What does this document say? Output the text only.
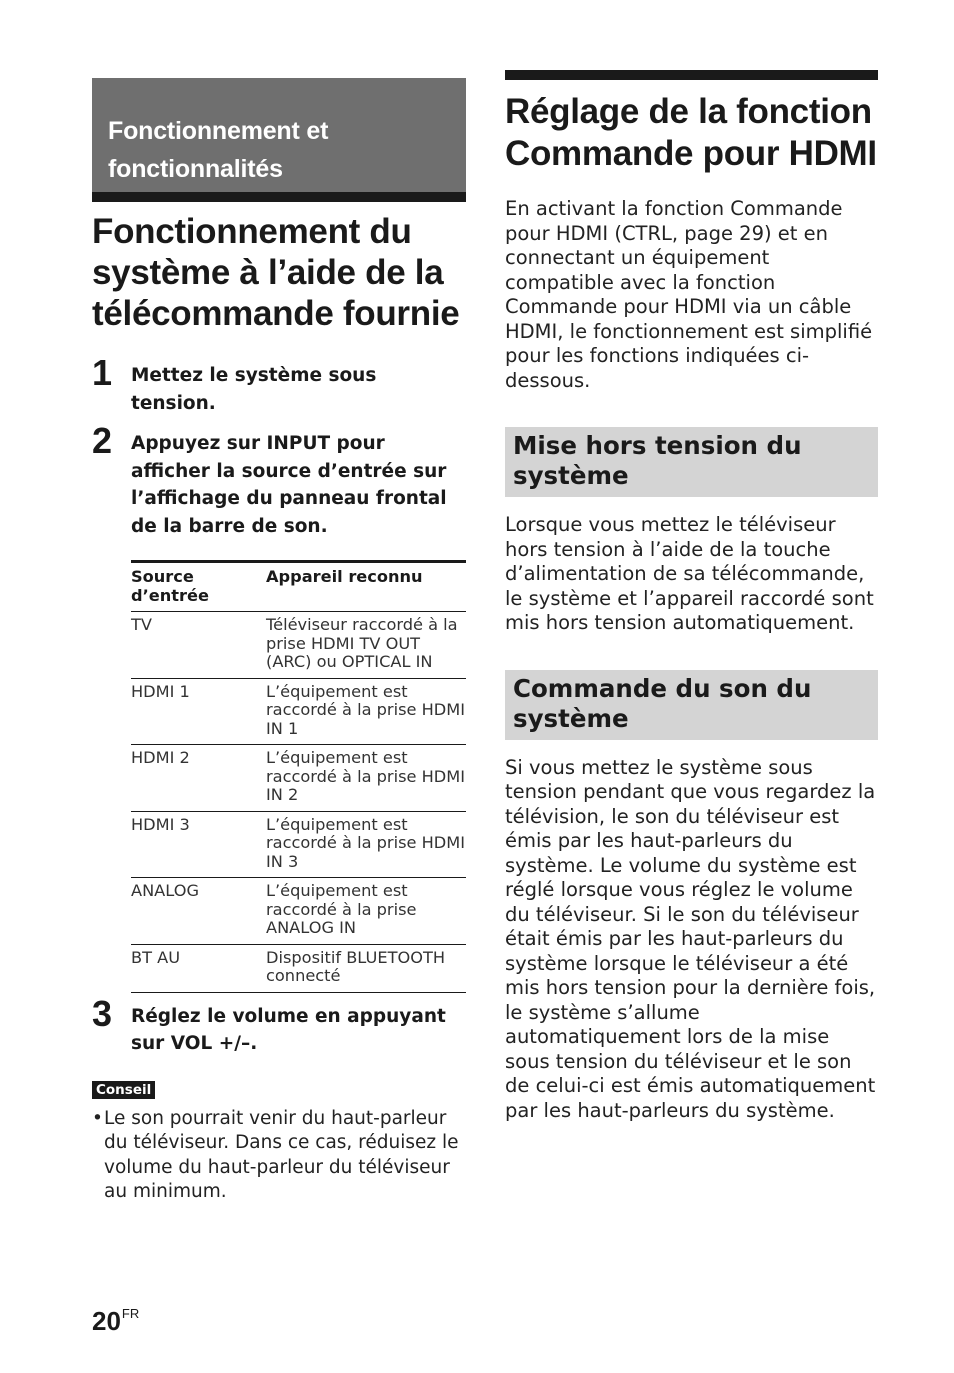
Fonctionnement et
fonctionnalités
Fonctionnement du
système à l’aide de la
télécommande fournie
1 Mettez le système sous tension.
2 Appuyez sur INPUT pour afficher la source d’entrée sur l’affichage du panneau frontal de la barre de son.
Source d’entrée	Appareil reconnu
TV	Téléviseur raccordé à la prise HDMI TV OUT (ARC) ou OPTICAL IN
HDMI 1	L’équipement est raccordé à la prise HDMI IN 1
HDMI 2	L’équipement est raccordé à la prise HDMI IN 2
HDMI 3	L’équipement est raccordé à la prise HDMI IN 3
ANALOG	L’équipement est raccordé à la prise ANALOG IN
BT AU	Dispositif BLUETOOTH connecté
3 Réglez le volume en appuyant sur VOL +/–.
Conseil
• Le son pourrait venir du haut-parleur du téléviseur. Dans ce cas, réduisez le volume du haut-parleur du téléviseur au minimum.
Réglage de la fonction
Commande pour HDMI

En activant la fonction Commande pour HDMI (CTRL, page 29) et en connectant un équipement compatible avec la fonction Commande pour HDMI via un câble HDMI, le fonctionnement est simplifié pour les fonctions indiquées ci-dessous.

Mise hors tension du système

Lorsque vous mettez le téléviseur hors tension à l’aide de la touche d’alimentation de sa télécommande, le système et l’appareil raccordé sont mis hors tension automatiquement.

Commande du son du système

Si vous mettez le système sous tension pendant que vous regardez la télévision, le son du téléviseur est émis par les haut-parleurs du système. Le volume du système est réglé lorsque vous réglez le volume du téléviseur. Si le son du téléviseur était émis par les haut-parleurs du système lorsque le téléviseur a été mis hors tension pour la dernière fois, le système s’allume automatiquement lors de la mise sous tension du téléviseur et le son de celui-ci est émis automatiquement par les haut-parleurs du système.

$20^{FR}$
